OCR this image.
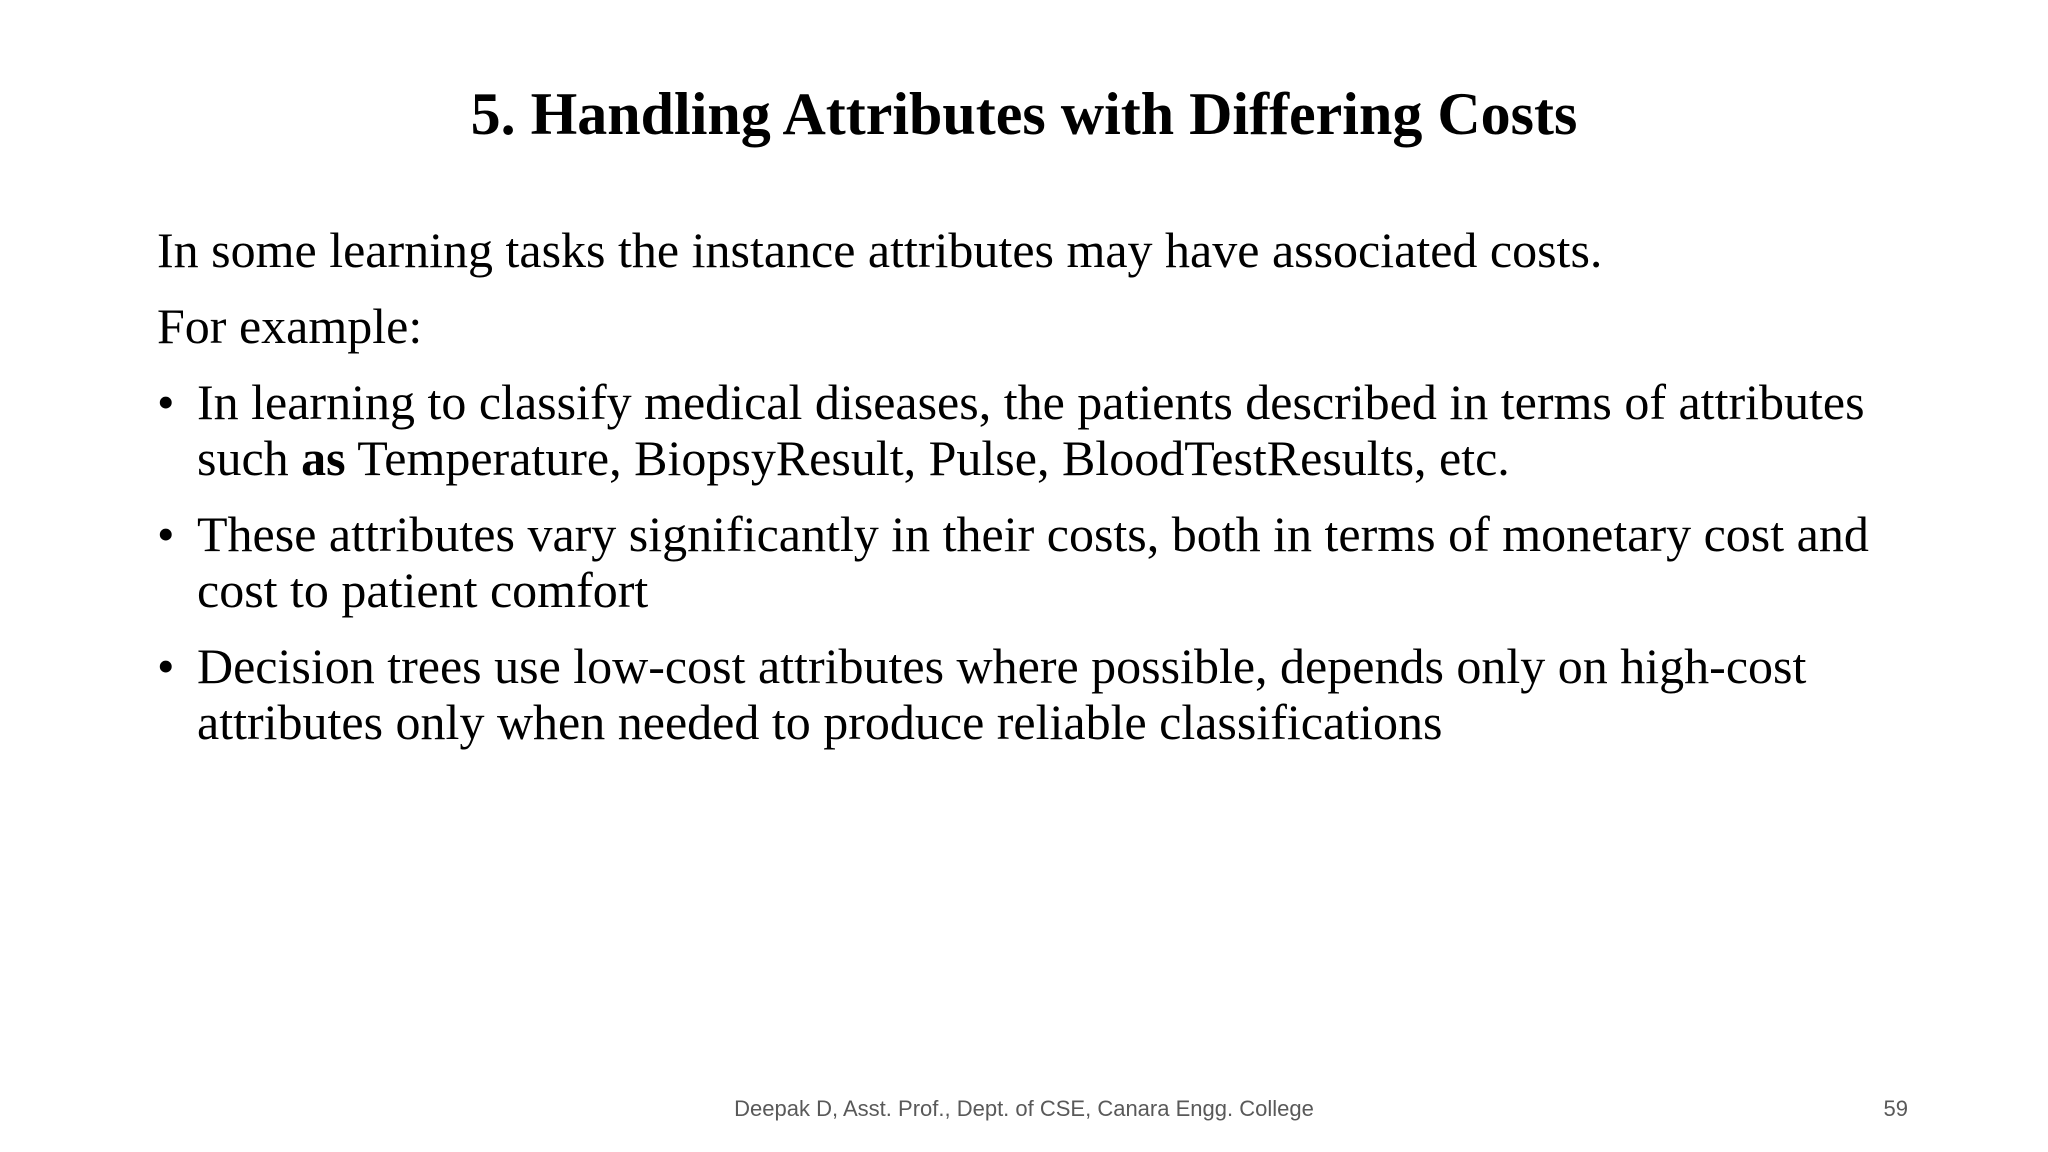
5. Handling Attributes with Differing Costs

In some learning tasks the instance attributes may have associated costs.

For example:

• In learning to classify medical diseases, the patients described in terms of attributes such as Temperature, BiopsyResult, Pulse, BloodTestResults, etc.
• These attributes vary significantly in their costs, both in terms of monetary cost and cost to patient comfort
• Decision trees use low-cost attributes where possible, depends only on high-cost attributes only when needed to produce reliable classifications
Deepak D, Asst. Prof., Dept. of CSE, Canara Engg. College	59
